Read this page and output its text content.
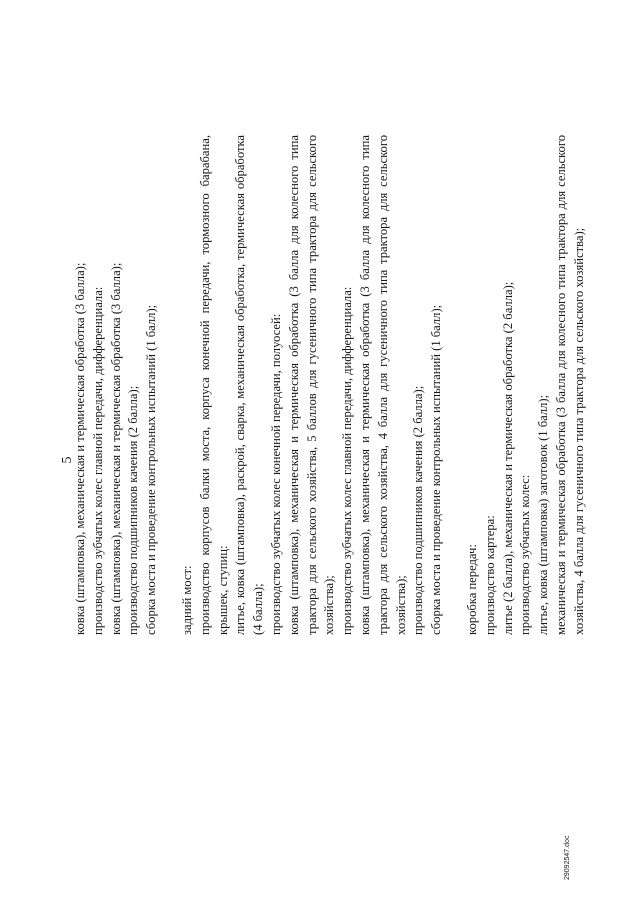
5
ковка (штамповка), механическая и термическая обработка (3 балла); производство зубчатых колес главной передачи, дифференциала: ковка (штамповка), механическая и термическая обработка (3 балла); производство подшипников качения (2 балла); сборка моста и проведение контрольных испытаний (1 балл); задний мост: производство корпусов балки моста, корпуса конечной передачи, тормозного барабана, крышек, ступиц: литье, ковка (штамповка), раскрой, сварка, механическая обработка, термическая обработка (4 балла); производство зубчатых колес конечной передачи, полуосей: ковка (штамповка), механическая и термическая обработка (3 балла для колесного типа трактора для сельского хозяйства, 5 баллов для гусеничного типа трактора для сельского хозяйства); производство зубчатых колес главной передачи, дифференциала: ковка (штамповка), механическая и термическая обработка (3 балла для колесного типа трактора для сельского хозяйства, 4 балла для гусеничного типа трактора для сельского хозяйства); производство подшипников качения (2 балла); сборка моста и проведение контрольных испытаний (1 балл); коробка передач: производство картера: литье (2 балла), механическая и термическая обработка (2 балла); производство зубчатых колес: литье, ковка (штамповка) заготовок (1 балл); механическая и термическая обработка (3 балла для колесного типа трактора для сельского хозяйства, 4 балла для гусеничного типа трактора для сельского хозяйства);
29092547.doc
